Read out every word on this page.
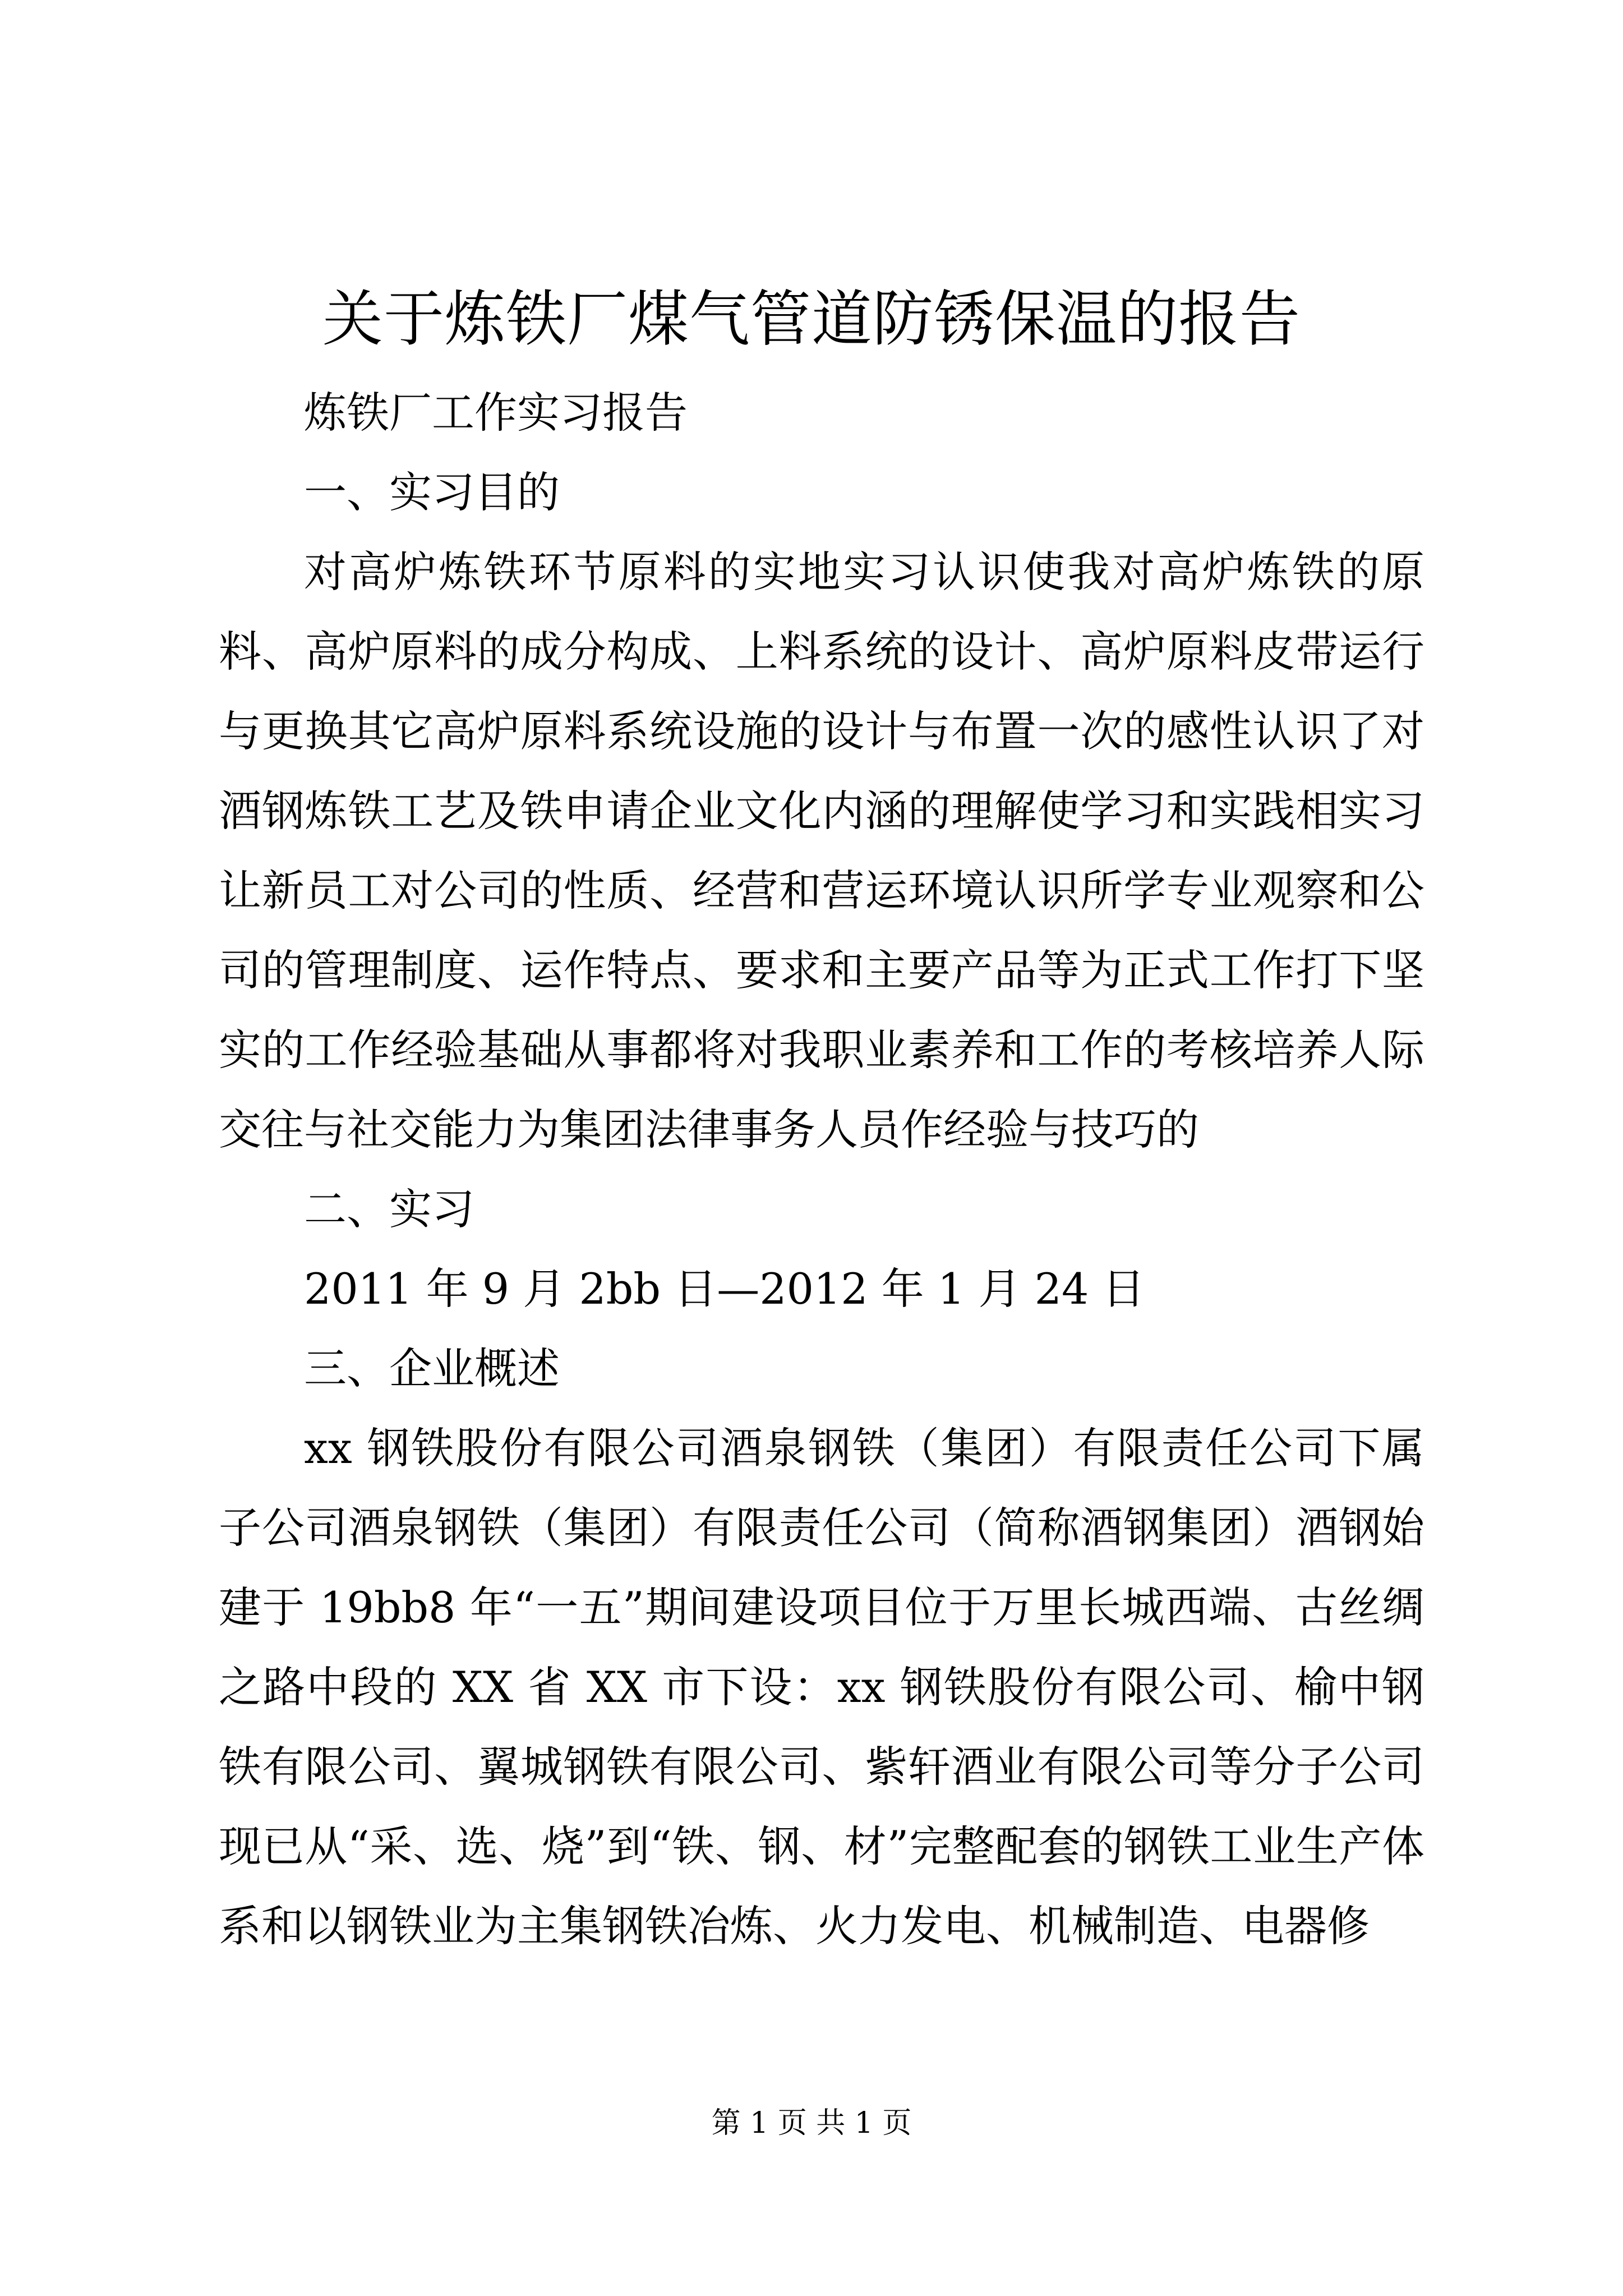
关于炼铁厂煤气管道防锈保温的报告

炼铁厂工作实习报告

一、实习目的

对高炉炼铁环节原料的实地实习认识使我对高炉炼铁的原料、高炉原料的成分构成、上料系统的设计、高炉原料皮带运行与更换其它高炉原料系统设施的设计与布置一次的感性认识了对酒钢炼铁工艺及铁申请企业文化内涵的理解使学习和实践相实习让新员工对公司的性质、经营和营运环境认识所学专业观察和公司的管理制度、运作特点、要求和主要产品等为正式工作打下坚实的工作经验基础从事都将对我职业素养和工作的考核培养人际交往与社交能力为集团法律事务人员作经验与技巧的

二、实习

2011 年 9 月 2bb 日—2012 年 1 月 24 日

三、企业概述

xx 钢铁股份有限公司酒泉钢铁（集团）有限责任公司下属子公司酒泉钢铁（集团）有限责任公司（简称酒钢集团）酒钢始建于 19bb8 年“一五”期间建设项目位于万里长城西端、古丝绸之路中段的 XX 省 XX 市下设：xx 钢铁股份有限公司、榆中钢铁有限公司、翼城钢铁有限公司、紫轩酒业有限公司等分子公司现已从“采、选、烧”到“铁、钢、材”完整配套的钢铁工业生产体系和以钢铁业为主集钢铁冶炼、火力发电、机械制造、电器修

第 1 页 共 1 页
